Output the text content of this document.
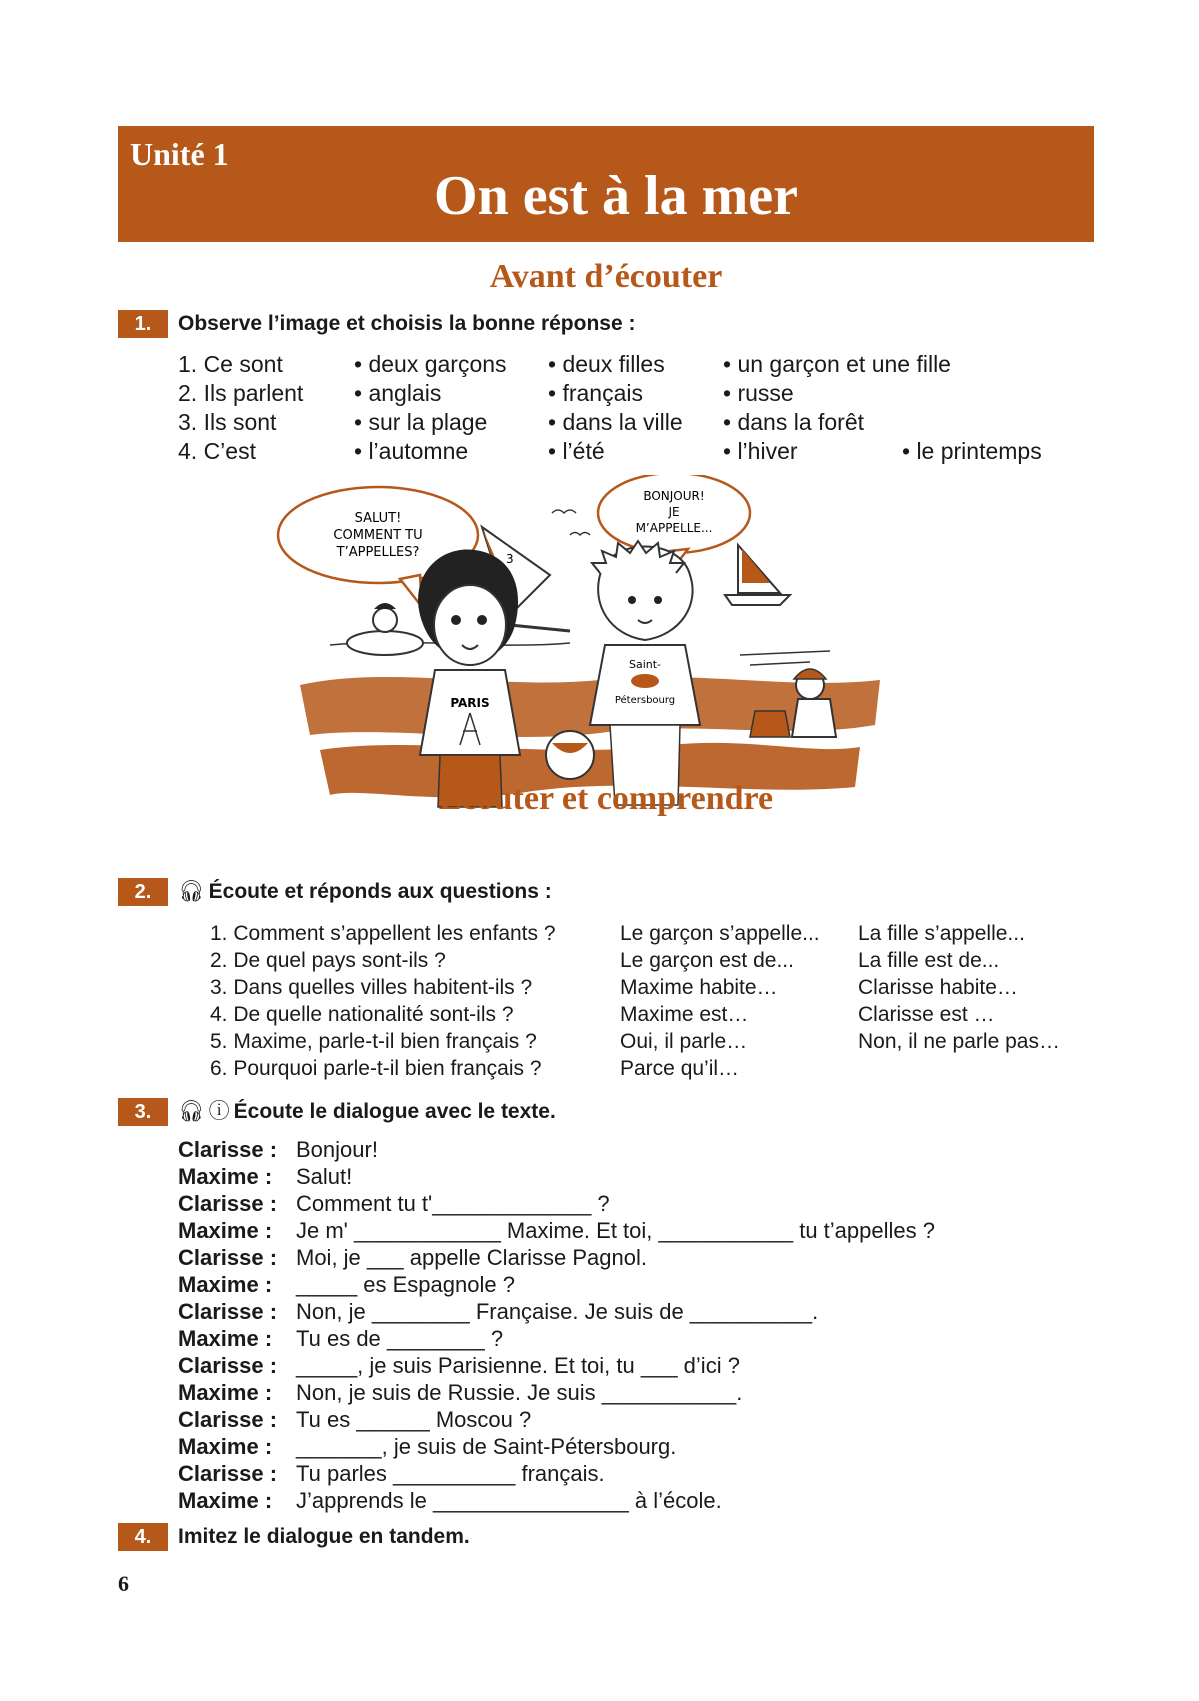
Unité 1
On est à la mer
Avant d’écouter
1.	Observe l’image et choisis la bonne réponse :
1. Ce sont	• deux garçons • deux filles	• un garçon et une fille
2. Ils parlent • anglais	• français	• russe
3. Ils sont	• sur la plage	• dans la ville • dans la forêt
4. C’est	• l’automne	• l’été	• l’hiver	• le printemps
SALUT!
COMMENT TU
T’APPELLES?
BONJOUR!
JE
M’APPELLE...
3
PARIS
Saint-
Pétersbourg
Écouter et comprendre
2.	🎧︎ Écoute et réponds aux questions :
1. Comment s’appellent les enfants ?	Le garçon s’appelle... La fille s’appelle...
2. De quel pays sont-ils ?	Le garçon est de...	La fille est de...
3. Dans quelles villes habitent-ils ?	Maxime habite…	Clarisse habite…
4. De quelle nationalité sont-ils ?	Maxime est…	Clarisse est …
5. Maxime, parle-t-il bien français ?	Oui, il parle…	Non, il ne parle pas…
6. Pourquoi parle-t-il bien français ?	Parce qu’il…
3.	🎧︎ ⓘ Écoute le dialogue avec le texte.
Clarisse : Bonjour!
Maxime : Salut!
Clarisse : Comment tu t'_____________ ?
Maxime : Je m' ____________ Maxime. Et toi, ___________ tu t’appelles ?
Clarisse : Moi, je ___ appelle Clarisse Pagnol.
Maxime : _____ es Espagnole ?
Clarisse : Non, je ________ Française. Je suis de __________.
Maxime : Tu es de ________ ?
Clarisse : _____, je suis Parisienne. Et toi, tu ___ d’ici ?
Maxime : Non, je suis de Russie. Je suis ___________.
Clarisse : Tu es ______ Moscou ?
Maxime : _______, je suis de Saint-Pétersbourg.
Clarisse : Tu parles __________ français.
Maxime : J’apprends le ________________ à l’école.
4.	Imitez le dialogue en tandem.
6
